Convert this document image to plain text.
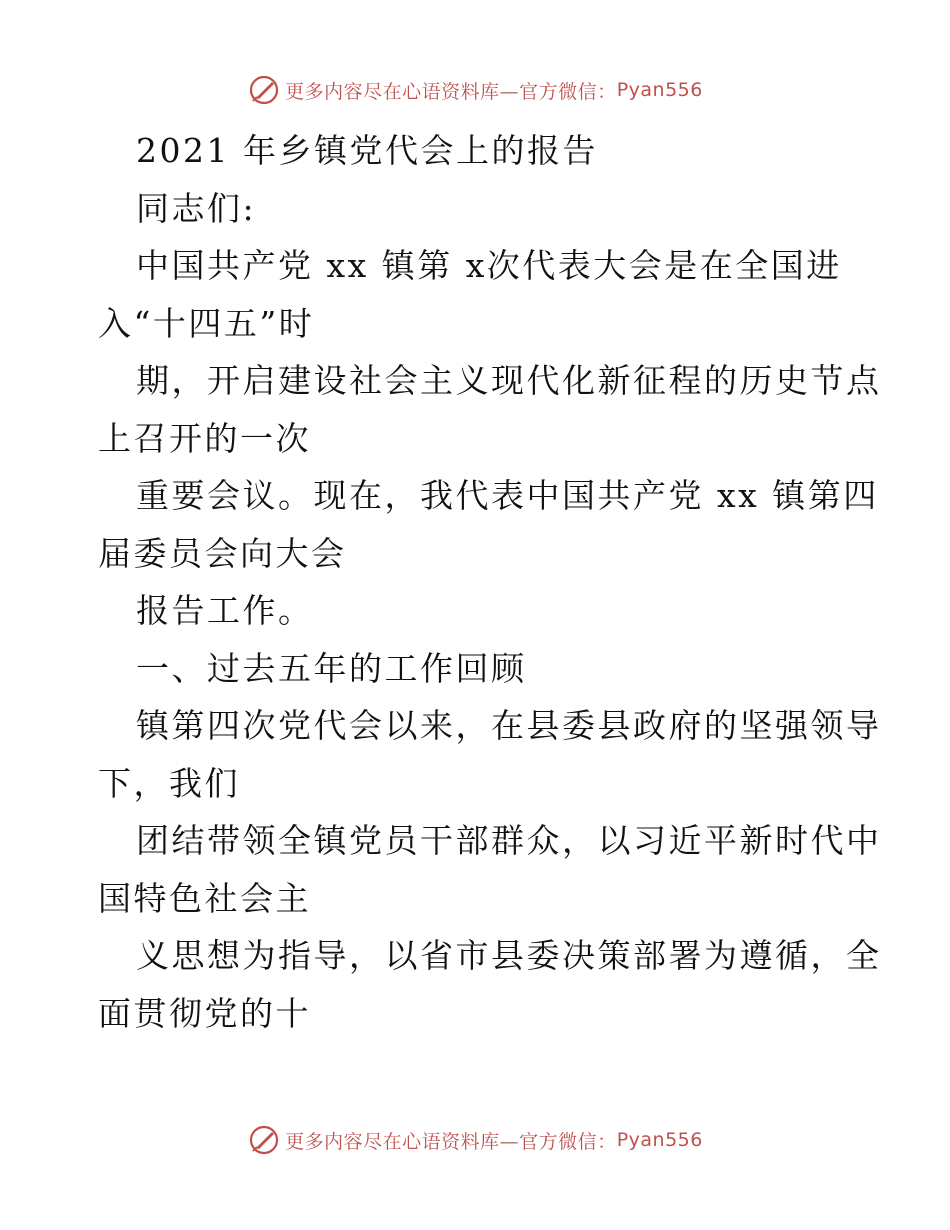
更多内容尽在心语资料库—官方微信： Pyan556
2021 年乡镇党代会上的报告
同志们:
中国共产党 xx 镇第 x次代表大会是在全国进
入“十四五”时
期，开启建设社会主义现代化新征程的历史节点
上召开的一次
重要会议。现在，我代表中国共产党 xx 镇第四
届委员会向大会
报告工作。
一、过去五年的工作回顾
镇第四次党代会以来，在县委县政府的坚强领导
下，我们
团结带领全镇党员干部群众，以习近平新时代中
国特色社会主
义思想为指导，以省市县委决策部署为遵循，全
面贯彻党的十
更多内容尽在心语资料库—官方微信： Pyan556
